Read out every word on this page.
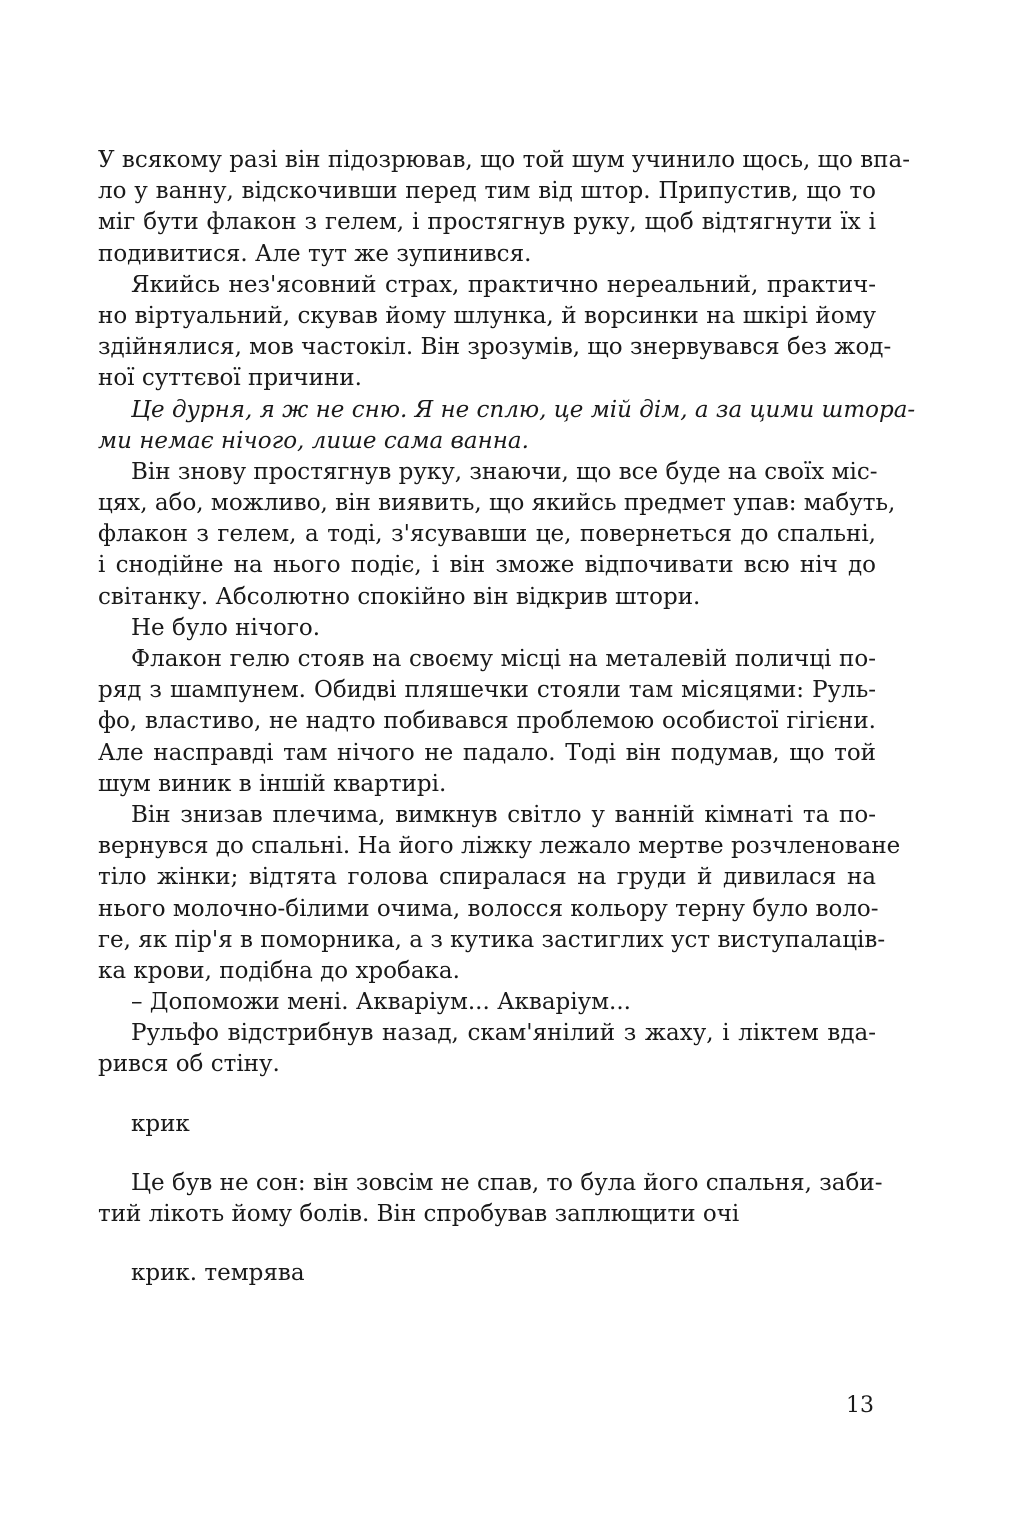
У всякому разі він підозрював, що той шум учинило щось, що впа-
ло у ванну, відскочивши перед тим від штор. Припустив, що то
міг бути флакон з гелем, і простягнув руку, щоб відтягнути їх і
подивитися. Але тут же зупинився.
Якийсь нез'ясовний страх, практично нереальний, практич-
но віртуальний, скував йому шлунка, й ворсинки на шкірі йому
здійнялися, мов частокіл. Він зрозумів, що знервувався без жод-
ної суттєвої причини.
Це дурня, я ж не сню. Я не сплю, це мій дім, а за цими штора-
ми немає нічого, лише сама ванна.
Він знову простягнув руку, знаючи, що все буде на своїх міс-
цях, або, можливо, він виявить, що якийсь предмет упав: мабуть,
флакон з гелем, а тоді, з'ясувавши це, повернеться до спальні,
і снодійне на нього подіє, і він зможе відпочивати всю ніч до
світанку. Абсолютно спокійно він відкрив штори.
Не було нічого.
Флакон гелю стояв на своєму місці на металевій поличці по-
ряд з шампунем. Обидві пляшечки стояли там місяцями: Руль-
фо, властиво, не надто побивався проблемою особистої гігієни.
Але насправді там нічого не падало. Тоді він подумав, що той
шум виник в іншій квартирі.
Він знизав плечима, вимкнув світло у ванній кімнаті та по-
вернувся до спальні. На його ліжку лежало мертве розчленоване
тіло жінки; відтята голова спиралася на груди й дивилася на
нього молочно-білими очима, волосся кольору терну було воло-
ге, як пір'я в поморника, а з кутика застиглих уст виступалаців-
ка крови, подібна до хробака.
– Допоможи мені. Акваріум... Акваріум...
Рульфо відстрибнув назад, скам'янілий з жаху, і ліктем вда-
рився об стіну.
крик
Це був не сон: він зовсім не спав, то була його спальня, заби-
тий лікоть йому болів. Він спробував заплющити очі
крик. темрява
13
